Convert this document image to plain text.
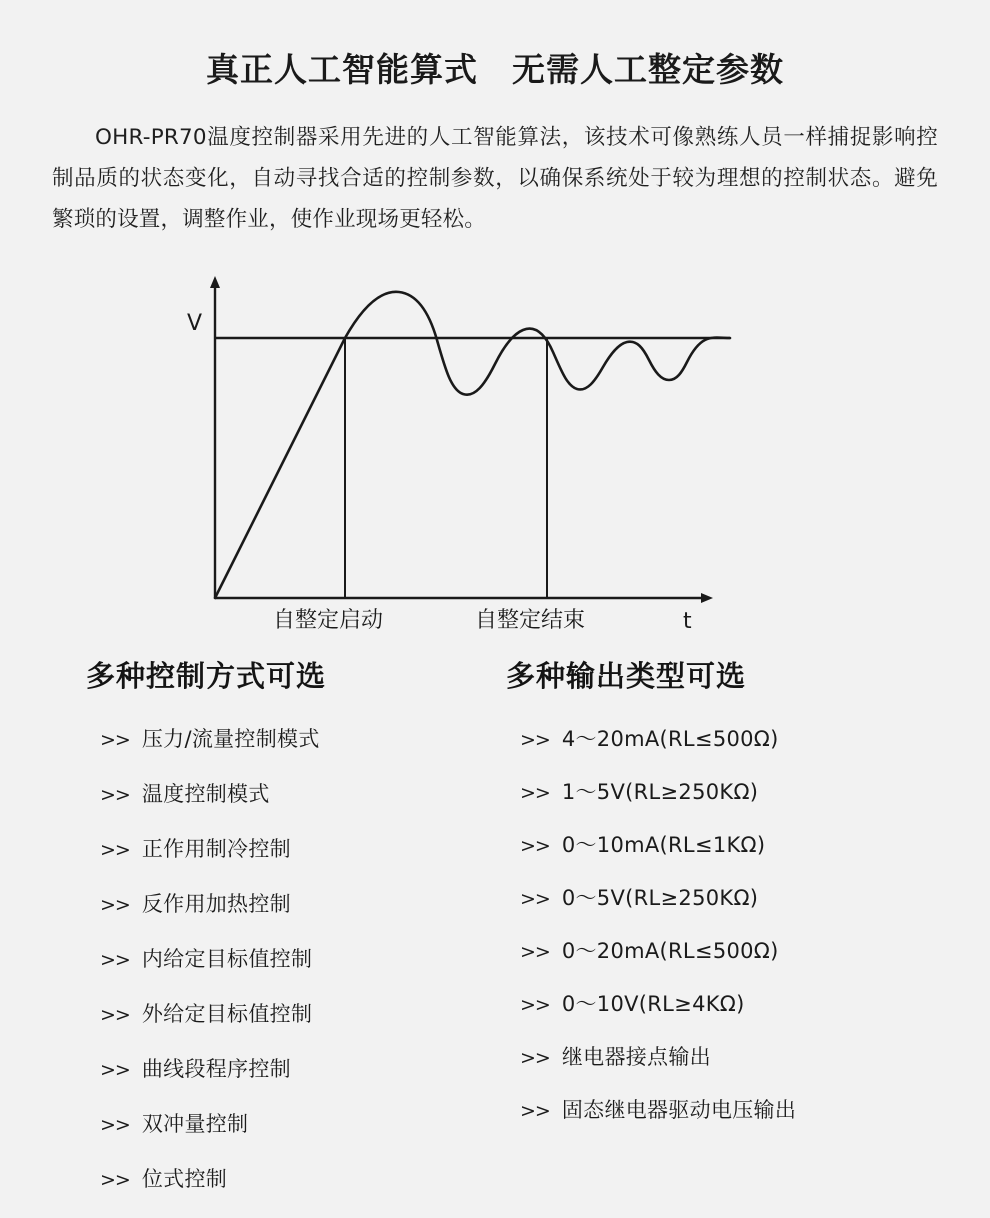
真正人工智能算式 无需人工整定参数
OHR-PR70温度控制器采用先进的人工智能算法，该技术可像熟练人员一样捕捉影响控制品质的状态变化，自动寻找合适的控制参数，以确保系统处于较为理想的控制状态。避免繁琐的设置，调整作业，使作业现场更轻松。
V
t
自整定启动	自整定结束
多种控制方式可选
>> 压力/流量控制模式
>> 温度控制模式
>> 正作用制冷控制
>> 反作用加热控制
>> 内给定目标值控制
>> 外给定目标值控制
>> 曲线段程序控制
>> 双冲量控制
>> 位式控制
多种输出类型可选
>> 4～20mA(RL≤500Ω)
>> 1～5V(RL≥250KΩ)
>> 0～10mA(RL≤1KΩ)
>> 0～5V(RL≥250KΩ)
>> 0～20mA(RL≤500Ω)
>> 0～10V(RL≥4KΩ)
>> 继电器接点输出
>> 固态继电器驱动电压输出
